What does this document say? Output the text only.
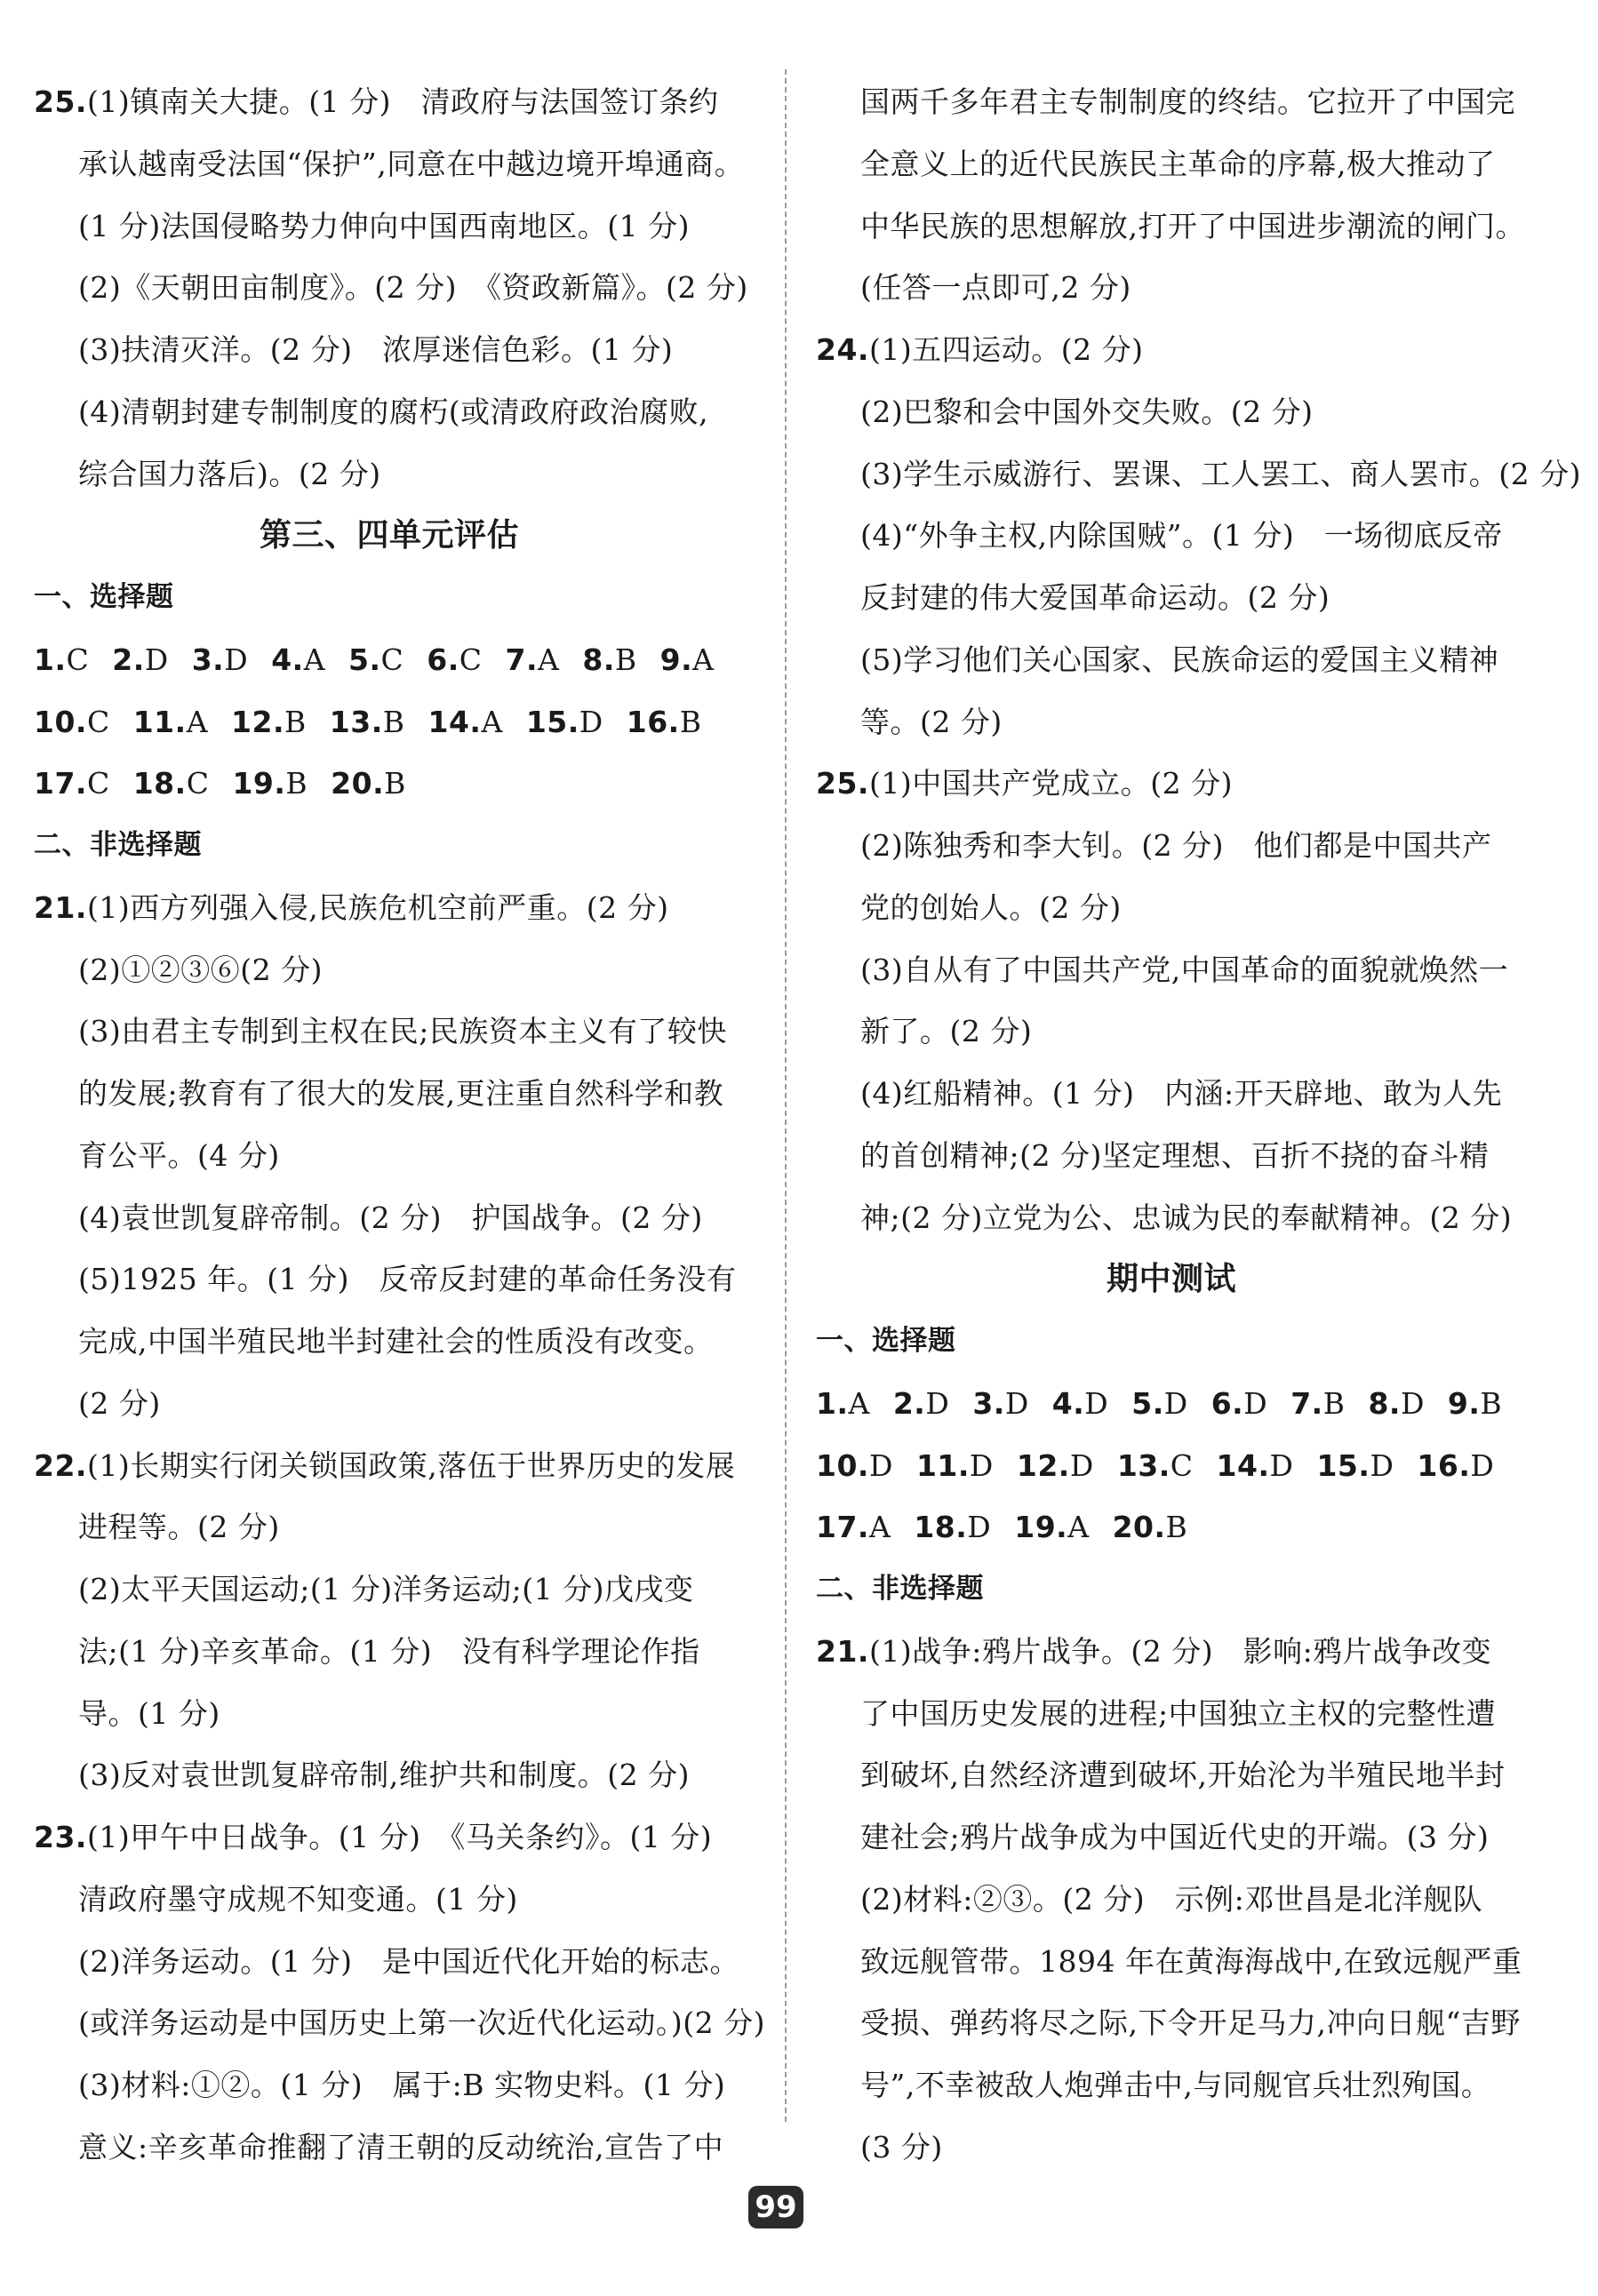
25.(1)镇南关大捷。(1 分)　清政府与法国签订条约
承认越南受法国“保护”,同意在中越边境开埠通商。
(1 分)法国侵略势力伸向中国西南地区。(1 分)
(2)《天朝田亩制度》。(2 分)　《资政新篇》。(2 分)
(3)扶清灭洋。(2 分)　浓厚迷信色彩。(1 分)
(4)清朝封建专制制度的腐朽(或清政府政治腐败,
综合国力落后)。(2 分)
第三、四单元评估
一、选择题
1.C 2.D 3.D 4.A 5.C 6.C 7.A 8.B 9.A
10.C 11.A 12.B 13.B 14.A 15.D 16.B
17.C 18.C 19.B 20.B
二、非选择题
21.(1)西方列强入侵,民族危机空前严重。(2 分)
(2)①②③⑥(2 分)
(3)由君主专制到主权在民;民族资本主义有了较快
的发展;教育有了很大的发展,更注重自然科学和教
育公平。(4 分)
(4)袁世凯复辟帝制。(2 分)　护国战争。(2 分)
(5)1925 年。(1 分)　反帝反封建的革命任务没有
完成,中国半殖民地半封建社会的性质没有改变。
(2 分)
22.(1)长期实行闭关锁国政策,落伍于世界历史的发展
进程等。(2 分)
(2)太平天国运动;(1 分)洋务运动;(1 分)戊戌变
法;(1 分)辛亥革命。(1 分)　没有科学理论作指
导。(1 分)
(3)反对袁世凯复辟帝制,维护共和制度。(2 分)
23.(1)甲午中日战争。(1 分)　《马关条约》。(1 分)
清政府墨守成规不知变通。(1 分)
(2)洋务运动。(1 分)　是中国近代化开始的标志。
(或洋务运动是中国历史上第一次近代化运动。)(2 分)
(3)材料:①②。(1 分)　属于:B 实物史料。(1 分)
意义:辛亥革命推翻了清王朝的反动统治,宣告了中
国两千多年君主专制制度的终结。它拉开了中国完
全意义上的近代民族民主革命的序幕,极大推动了
中华民族的思想解放,打开了中国进步潮流的闸门。
(任答一点即可,2 分)
24.(1)五四运动。(2 分)
(2)巴黎和会中国外交失败。(2 分)
(3)学生示威游行、罢课、工人罢工、商人罢市。(2 分)
(4)“外争主权,内除国贼”。(1 分)　一场彻底反帝
反封建的伟大爱国革命运动。(2 分)
(5)学习他们关心国家、民族命运的爱国主义精神
等。(2 分)
25.(1)中国共产党成立。(2 分)
(2)陈独秀和李大钊。(2 分)　他们都是中国共产
党的创始人。(2 分)
(3)自从有了中国共产党,中国革命的面貌就焕然一
新了。(2 分)
(4)红船精神。(1 分)　内涵:开天辟地、敢为人先
的首创精神;(2 分)坚定理想、百折不挠的奋斗精
神;(2 分)立党为公、忠诚为民的奉献精神。(2 分)
期中测试
一、选择题
1.A 2.D 3.D 4.D 5.D 6.D 7.B 8.D 9.B
10.D 11.D 12.D 13.C 14.D 15.D 16.D
17.A 18.D 19.A 20.B
二、非选择题
21.(1)战争:鸦片战争。(2 分)　影响:鸦片战争改变
了中国历史发展的进程;中国独立主权的完整性遭
到破坏,自然经济遭到破坏,开始沦为半殖民地半封
建社会;鸦片战争成为中国近代史的开端。(3 分)
(2)材料:②③。(2 分)　示例:邓世昌是北洋舰队
致远舰管带。1894 年在黄海海战中,在致远舰严重
受损、弹药将尽之际,下令开足马力,冲向日舰“吉野
号”,不幸被敌人炮弹击中,与同舰官兵壮烈殉国。
(3 分)
99
